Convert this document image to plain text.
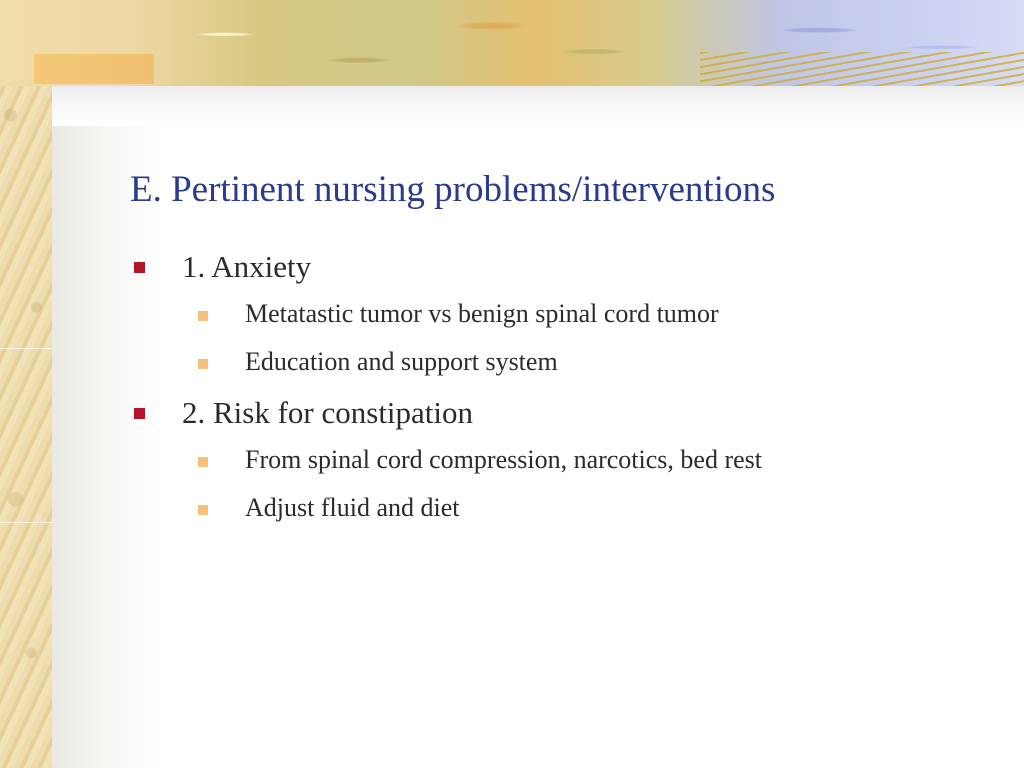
E. Pertinent nursing problems/interventions
1. Anxiety
Metatastic tumor vs benign spinal cord tumor
Education and support system
2. Risk for constipation
From spinal cord compression, narcotics, bed rest
Adjust fluid and diet
